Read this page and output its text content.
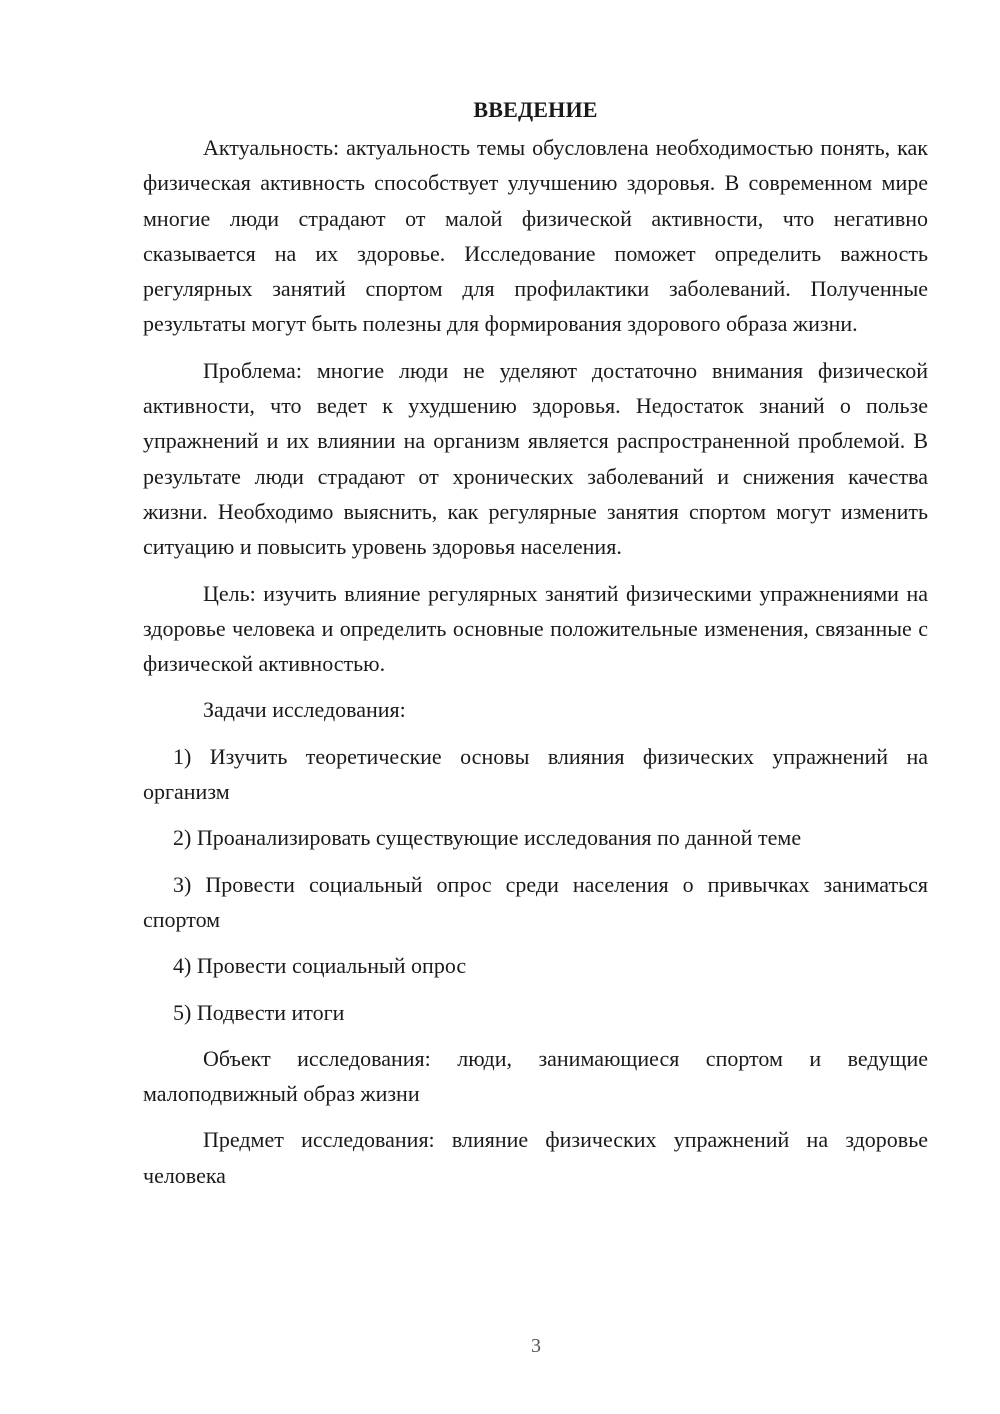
ВВЕДЕНИЕ

Актуальность: актуальность темы обусловлена необходимостью понять, как физическая активность способствует улучшению здоровья. В современном мире многие люди страдают от малой физической активности, что негативно сказывается на их здоровье. Исследование поможет определить важность регулярных занятий спортом для профилактики заболеваний. Полученные результаты могут быть полезны для формирования здорового образа жизни.

Проблема: многие люди не уделяют достаточно внимания физической активности, что ведет к ухудшению здоровья. Недостаток знаний о пользе упражнений и их влиянии на организм является распространенной проблемой. В результате люди страдают от хронических заболеваний и снижения качества жизни. Необходимо выяснить, как регулярные занятия спортом могут изменить ситуацию и повысить уровень здоровья населения.

Цель: изучить влияние регулярных занятий физическими упражнениями на здоровье человека и определить основные положительные изменения, связанные с физической активностью.

Задачи исследования:

1) Изучить теоретические основы влияния физических упражнений на организм

2) Проанализировать существующие исследования по данной теме

3) Провести социальный опрос среди населения о привычках заниматься спортом

4) Провести социальный опрос

5) Подвести итоги

Объект исследования: люди, занимающиеся спортом и ведущие малоподвижный образ жизни

Предмет исследования: влияние физических упражнений на здоровье человека

3
